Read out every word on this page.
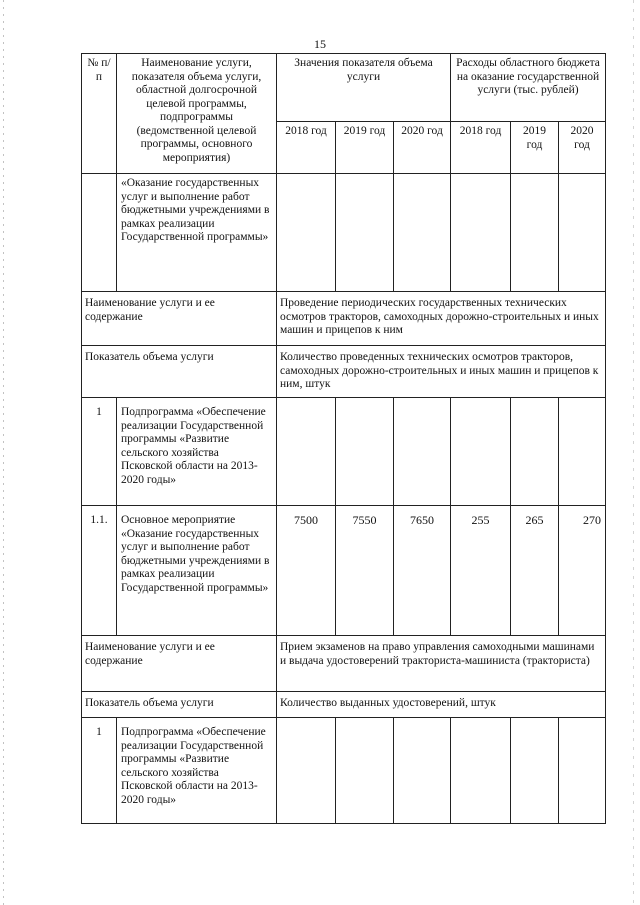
15
№ п/п	Наименование услуги, показателя объема услуги, областной долгосрочной целевой программы, подпрограммы (ведомственной целевой программы, основного мероприятия)	Значения показателя объема услуги			Расходы областного бюджета на оказание государственной услуги (тыс. рублей)		
		2018 год	2019 год	2020 год	2018 год	2019 год	2020 год
	«Оказание государственных услуг и выполнение работ бюджетными учреждениями в рамках реализации Государственной программы»						
Наименование услуги и ее содержание		Проведение периодических государственных технических осмотров тракторов, самоходных дорожно-строительных и иных машин и прицепов к ним					
Показатель объема услуги		Количество проведенных технических осмотров тракторов, самоходных дорожно-строительных и иных машин и прицепов к ним, штук					
1	Подпрограмма «Обеспечение реализации Государственной программы «Развитие сельского хозяйства Псковской области на 2013-2020 годы»						
1.1.	Основное мероприятие «Оказание государственных услуг и выполнение работ бюджетными учреждениями в рамках реализации Государственной программы»	7500	7550	7650	255	265	270
Наименование услуги и ее содержание		Прием экзаменов на право управления самоходными машинами и выдача удостоверений тракториста-машиниста (тракториста)					
Показатель объема услуги		Количество выданных удостоверений, штук					
1	Подпрограмма «Обеспечение реализации Государственной программы «Развитие сельского хозяйства Псковской области на 2013-2020 годы»						
